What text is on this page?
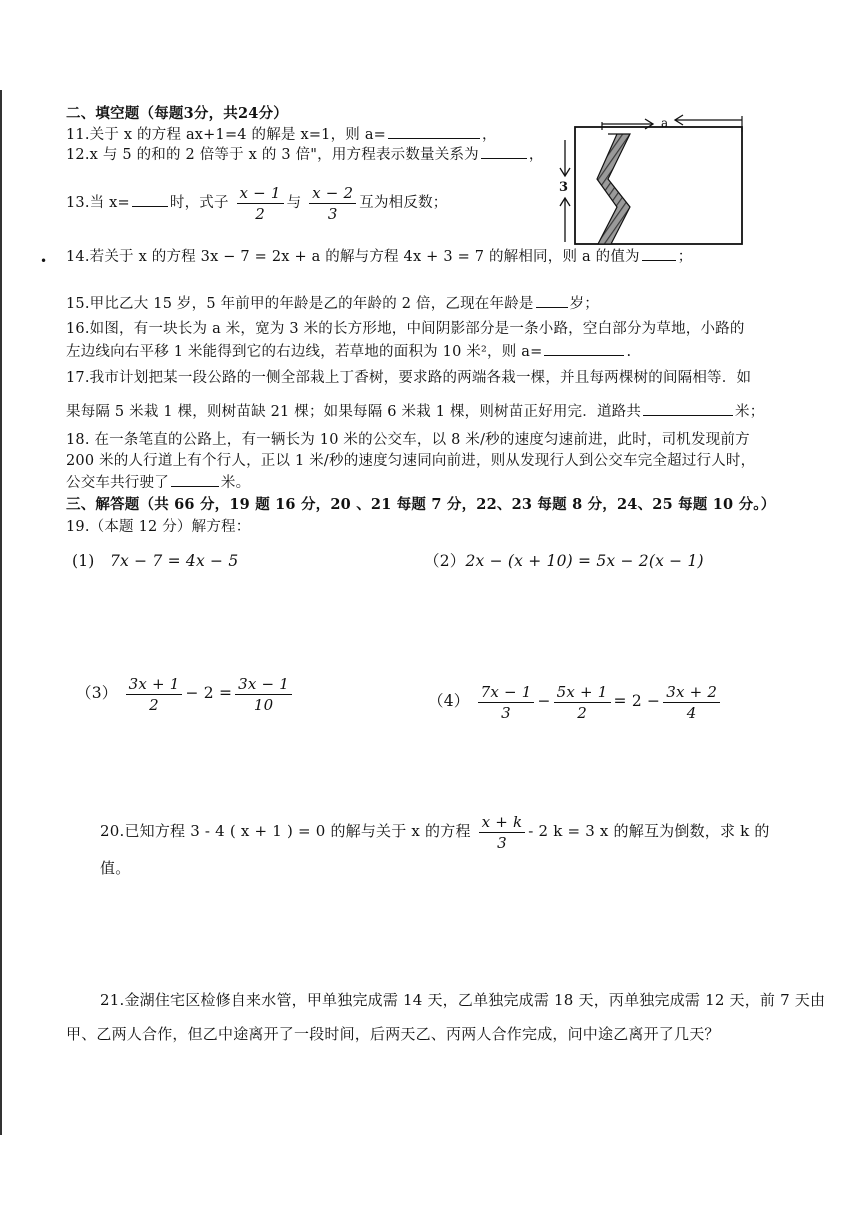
二、填空题（每题3分，共24分）
11.关于 x 的方程 ax+1=4 的解是 x=1，则 a=	，
12.x 与 5 的和的 2 倍等于 x 的 3 倍"，用方程表示数量关系为	，
13.当 x=	时，式子 $\frac{x - 1}{2}$ 与 $\frac{x - 2}{3}$ 互为相反数；
• 14.若关于 x 的方程 3x − 7 = 2x + a 的解与方程 4x + 3 = 7 的解相同，则 a 的值为	；
15.甲比乙大 15 岁，5 年前甲的年龄是乙的年龄的 2 倍，乙现在年龄是 岁；
16.如图，有一块长为 a 米，宽为 3 米的长方形地，中间阴影部分是一条小路，空白部分为草地，小路的
左边线向右平移 1 米能得到它的右边线，若草地的面积为 10 米²，则 a=	.
17.我市计划把某一段公路的一侧全部栽上丁香树，要求路的两端各栽一棵，并且每两棵树的间隔相等．如
果每隔 5 米栽 1 棵，则树苗缺 21 棵；如果每隔 6 米栽 1 棵，则树苗正好用完．道路共	米；
18. 在一条笔直的公路上，有一辆长为 10 米的公交车，以 8 米/秒的速度匀速前进，此时，司机发现前方
200 米的人行道上有个行人，正以 1 米/秒的速度匀速同向前进，则从发现行人到公交车完全超过行人时，
公交车共行驶了	米。
三、解答题（共 66 分，19 题 16 分，20 、21 每题 7 分，22、23 每题 8 分，24、25 每题 10 分。）
19.（本题 12 分）解方程：
(1) 7x − 7 = 4x − 5	（2）2x − (x + 10) = 5x − 2(x − 1)
$(3) \frac{3x + 1}{2} - 2 = \frac{3x - 1}{10}$	$(4) \frac{7x - 1}{3} - \frac{5x + 1}{2} = 2 - \frac{3x + 2}{4}$
20.已知方程 3 - 4 ( x + 1 ) = 0 的解与关于 x 的方程 $\frac{x + k}{3} - 2$ k = 3 x 的解互为倒数，求 k 的
值。
21.金湖住宅区检修自来水管，甲单独完成需 14 天，乙单独完成需 18 天，丙单独完成需 12 天，前 7 天由
甲、乙两人合作，但乙中途离开了一段时间，后两天乙、丙两人合作完成，问中途乙离开了几天？
a
3
